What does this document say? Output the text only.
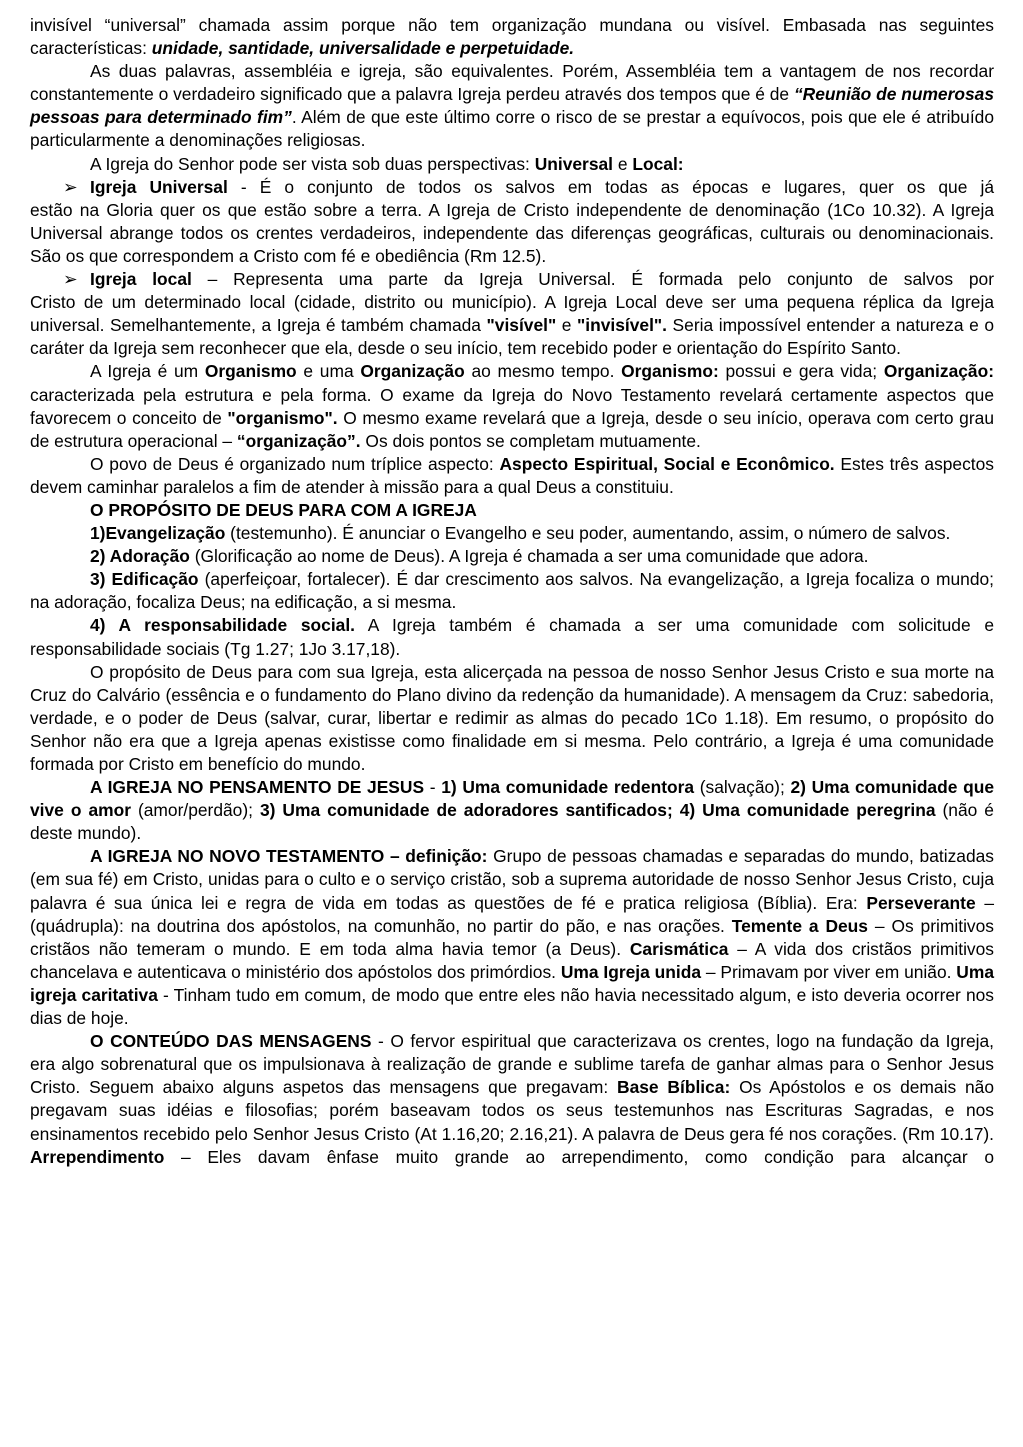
invisível “universal” chamada assim porque não tem organização mundana ou visível. Embasada nas seguintes características: unidade, santidade, universalidade e perpetuidade.

As duas palavras, assembléia e igreja, são equivalentes. Porém, Assembléia tem a vantagem de nos recordar constantemente o verdadeiro significado que a palavra Igreja perdeu através dos tempos que é de “Reunião de numerosas pessoas para determinado fim”. Além de que este último corre o risco de se prestar a equívocos, pois que ele é atribuído particularmente a denominações religiosas.

A Igreja do Senhor pode ser vista sob duas perspectivas: Universal e Local:

➢ Igreja Universal - É o conjunto de todos os salvos em todas as épocas e lugares, quer os que já

estão na Gloria quer os que estão sobre a terra. A Igreja de Cristo independente de denominação (1Co 10.32). A Igreja Universal abrange todos os crentes verdadeiros, independente das diferenças geográficas, culturais ou denominacionais. São os que correspondem a Cristo com fé e obediência (Rm 12.5).

➢ Igreja local – Representa uma parte da Igreja Universal. É formada pelo conjunto de salvos por

Cristo de um determinado local (cidade, distrito ou município). A Igreja Local deve ser uma pequena réplica da Igreja universal. Semelhantemente, a Igreja é também chamada "visível" e "invisível". Seria impossível entender a natureza e o caráter da Igreja sem reconhecer que ela, desde o seu início, tem recebido poder e orientação do Espírito Santo.

A Igreja é um Organismo e uma Organização ao mesmo tempo. Organismo: possui e gera vida; Organização: caracterizada pela estrutura e pela forma. O exame da Igreja do Novo Testamento revelará certamente aspectos que favorecem o conceito de "organismo". O mesmo exame revelará que a Igreja, desde o seu início, operava com certo grau de estrutura operacional – “organização”. Os dois pontos se completam mutuamente.

O povo de Deus é organizado num tríplice aspecto: Aspecto Espiritual, Social e Econômico. Estes três aspectos devem caminhar paralelos a fim de atender à missão para a qual Deus a constituiu.

O PROPÓSITO DE DEUS PARA COM A IGREJA

1)Evangelização (testemunho). É anunciar o Evangelho e seu poder, aumentando, assim, o número de salvos.

2) Adoração (Glorificação ao nome de Deus). A Igreja é chamada a ser uma comunidade que adora.

3) Edificação (aperfeiçoar, fortalecer). É dar crescimento aos salvos. Na evangelização, a Igreja focaliza o mundo; na adoração, focaliza Deus; na edificação, a si mesma.

4) A responsabilidade social. A Igreja também é chamada a ser uma comunidade com solicitude e responsabilidade sociais (Tg 1.27; 1Jo 3.17,18).

O propósito de Deus para com sua Igreja, esta alicerçada na pessoa de nosso Senhor Jesus Cristo e sua morte na Cruz do Calvário (essência e o fundamento do Plano divino da redenção da humanidade). A mensagem da Cruz: sabedoria, verdade, e o poder de Deus (salvar, curar, libertar e redimir as almas do pecado 1Co 1.18). Em resumo, o propósito do Senhor não era que a Igreja apenas existisse como finalidade em si mesma. Pelo contrário, a Igreja é uma comunidade formada por Cristo em benefício do mundo.

A IGREJA NO PENSAMENTO DE JESUS - 1) Uma comunidade redentora (salvação); 2) Uma comunidade que vive o amor (amor/perdão); 3) Uma comunidade de adoradores santificados; 4) Uma comunidade peregrina (não é deste mundo).

A IGREJA NO NOVO TESTAMENTO – definição: Grupo de pessoas chamadas e separadas do mundo, batizadas (em sua fé) em Cristo, unidas para o culto e o serviço cristão, sob a suprema autoridade de nosso Senhor Jesus Cristo, cuja palavra é sua única lei e regra de vida em todas as questões de fé e pratica religiosa (Bíblia). Era: Perseverante – (quádrupla): na doutrina dos apóstolos, na comunhão, no partir do pão, e nas orações. Temente a Deus – Os primitivos cristãos não temeram o mundo. E em toda alma havia temor (a Deus). Carismática – A vida dos cristãos primitivos chancelava e autenticava o ministério dos apóstolos dos primórdios. Uma Igreja unida – Primavam por viver em união. Uma igreja caritativa - Tinham tudo em comum, de modo que entre eles não havia necessitado algum, e isto deveria ocorrer nos dias de hoje.

O CONTEÚDO DAS MENSAGENS - O fervor espiritual que caracterizava os crentes, logo na fundação da Igreja, era algo sobrenatural que os impulsionava à realização de grande e sublime tarefa de ganhar almas para o Senhor Jesus Cristo. Seguem abaixo alguns aspetos das mensagens que pregavam: Base Bíblica: Os Apóstolos e os demais não pregavam suas idéias e filosofias; porém baseavam todos os seus testemunhos nas Escrituras Sagradas, e nos ensinamentos recebido pelo Senhor Jesus Cristo (At 1.16,20; 2.16,21). A palavra de Deus gera fé nos corações. (Rm 10.17). Arrependimento – Eles davam ênfase muito grande ao arrependimento, como condição para alcançar o
